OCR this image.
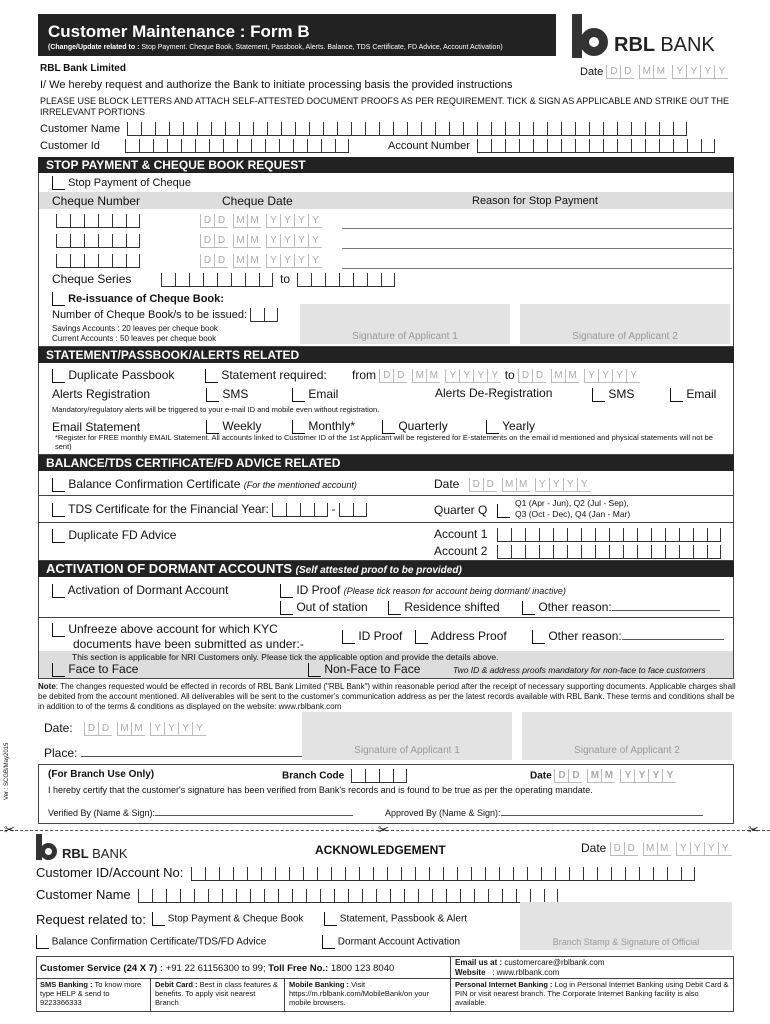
Customer Maintenance : Form B
(Change/Update related to : Stop Payment. Cheque Book, Statement, Passbook, Alerts. Balance, TDS Certificate, FD Advice, Account Activation)	RBL BANK
RBL Bank Limited	Date D D	M M	Y Y Y Y
I/ We hereby request and authorize the Bank to initiate processing basis the provided instructions
PLEASE USE BLOCK LETTERS AND ATTACH SELF-ATTESTED DOCUMENT PROOFS AS PER REQUIREMENT. TICK & SIGN AS APPLICABLE AND STRIKE OUT THE IRRELEVANT PORTIONS
Customer Name
Customer Id	Account Number
STOP PAYMENT & CHEQUE BOOK REQUEST
Stop Payment of Cheque
Cheque Number	Cheque Date	Reason for Stop Payment
D D	M M	Y Y Y Y
D D	M M	Y Y Y Y
D D	M M	Y Y Y Y
Cheque Series	to
Re-issuance of Cheque Book:
Number of Cheque Book/s to be issued:
Savings Accounts : 20 leaves per cheque book
Current Accounts : 50 leaves per cheque book	Signature of Applicant 1	Signature of Applicant 2
STATEMENT/PASSBOOK/ALERTS RELATED
Duplicate Passbook	Statement required: from D D	M M	Y Y Y Y to D D	M M	Y Y Y Y
Alerts Registration	SMS	Email	Alerts De-Registration	SMS	Email
Mandatory/regulatory alerts will be triggered to your e-mail ID and mobile even without registration.
Email Statement	Weekly	Monthly*	Quarterly	Yearly
*Register for FREE monthly EMAIL Statement. All accounts linked to Customer ID of the 1st Applicant will be registered for E-statements on the email id mentioned and physical statements will not be sent)
BALANCE/TDS CERTIFICATE/FD ADVICE RELATED
Balance Confirmation Certificate (For the mentioned account)	Date	D D	M M	Y Y Y Y
TDS Certificate for the Financial Year:	-	Quarter Q	Q1 (Apr - Jun), Q2 (Jul - Sep),
Q3 (Oct - Dec), Q4 (Jan - Mar)
Duplicate FD Advice	Account 1
Account 2
ACTIVATION OF DORMANT ACCOUNTS (Self attested proof to be provided)
Activation of Dormant Account	ID Proof (Please tick reason for account being dormant/ inactive)
Out of station	Residence shifted	Other reason:
Unfreeze above account for which KYC
documents have been submitted as under:-
ID Proof	Address Proof	Other reason:
This section is applicable for NRI Customers only. Please tick the applicable option and provide the details above.
Face to Face	Non-Face to Face	Two ID & address proofs mandatory for non-face to face customers
Note: The changes requested would be effected in records of RBL Bank Limited ("RBL Bank") within reasonable period after the receipt of necessary supporting documents. Applicable charges shall be debited from the account mentioned. All deliverables will be sent to the customer's communication address as per the latest records available with RBL Bank. These terms and conditions shall be in addition to of the terms & conditions as displayed on the website: www.rblbank.com
Date:	D D	M M	Y Y Y Y
Place:	Signature of Applicant 1	Signature of Applicant 2
Ver : SCGB/May2015	(For Branch Use Only)	Branch Code	Date D D	M M	Y Y Y Y
I hereby certify that the customer's signature has been verified from Bank's records and is found to be true as per the operating mandate.
Verified By (Name & Sign):	Approved By (Name & Sign):
✂	✂	✂
RBL BANK	ACKNOWLEDGEMENT	Date D D	M M	Y Y Y Y
Customer ID/Account No:
Customer Name
Request related to:	Stop Payment & Cheque Book	Statement, Passbook & Alert
Balance Confirmation Certificate/TDS/FD Advice	Dormant Account Activation	Branch Stamp & Signature of Official
Customer Service (24 X 7) : +91 22 61156300 to 99; Toll Free No.: 1800 123 8040
Email us at : customercare@rblbank.com
Website : www.rblbank.com
SMS Banking : To know more type HELP & send to 9223366333
Debit Card : Best in class features & benefits. To apply visit nearest Branch
Mobile Banking : Visit https://m.rblbank.com/MobileBank/on your mobile browsers.
Personal Internet Banking : Log in Personal Internet Banking using Debit Card & PIN or visit nearest branch. The Corporate Internet Banking facility is also available.
